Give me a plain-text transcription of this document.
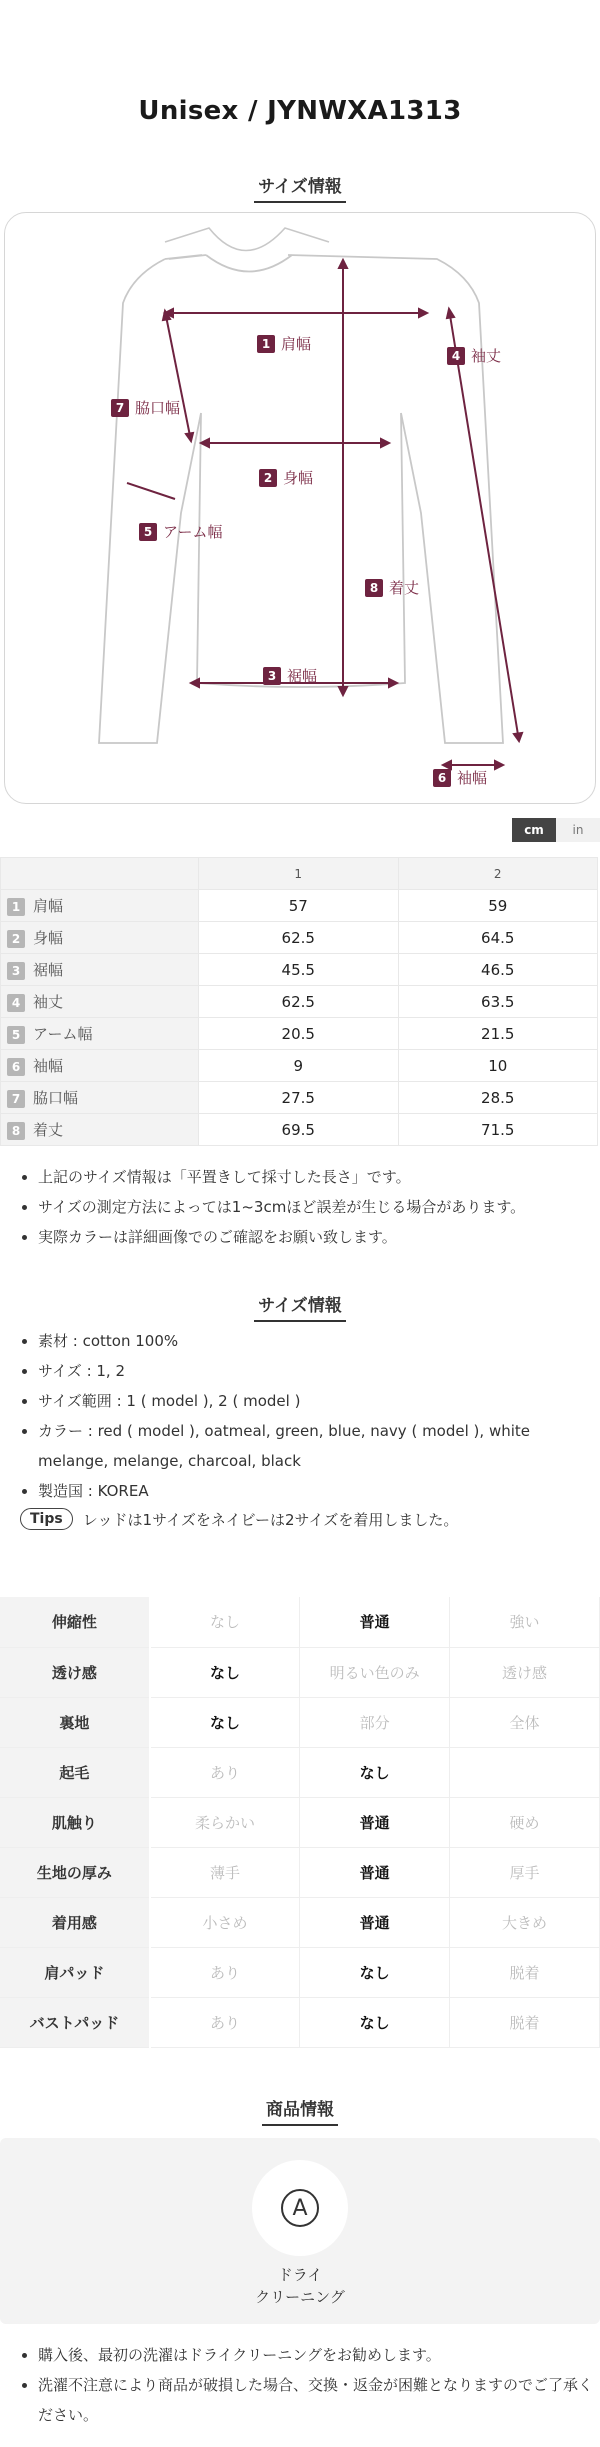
Unisex / JYNWXA1313
サイズ情報
1 肩幅
2 身幅
3 裾幅
4 袖丈
5 アーム幅
6 袖幅
7 脇口幅
8 着丈
cm	in
	1	2
1 肩幅	57	59
2 身幅	62.5	64.5
3 裾幅	45.5	46.5
4 袖丈	62.5	63.5
5 アーム幅	20.5	21.5
6 袖幅	9	10
7 脇口幅	27.5	28.5
8 着丈	69.5	71.5
上記のサイズ情報は「平置きして採寸した長さ」です。
サイズの測定方法によっては1~3cmほど誤差が生じる場合があります。
実際カラーは詳細画像でのご確認をお願い致します。
サイズ情報
素材 : cotton 100%
サイズ : 1, 2
サイズ範囲 : 1 ( model ), 2 ( model )
カラー : red ( model ), oatmeal, green, blue, navy ( model ), white melange, melange, charcoal, black
製造国 : KOREA
Tips	レッドは1サイズをネイビーは2サイズを着用しました。
伸縮性	なし	普通	強い
透け感	なし	明るい色のみ	透け感
裏地	なし	部分	全体
起毛	あり	なし	
肌触り	柔らかい	普通	硬め
生地の厚み	薄手	普通	厚手
着用感	小さめ	普通	大きめ
肩パッド	あり	なし	脱着
バストパッド	あり	なし	脱着
商品情報
A
ドライ
クリーニング
購入後、最初の洗濯はドライクリーニングをお勧めします。
洗濯不注意により商品が破損した場合、交換・返金が困難となりますのでご了承ください。
